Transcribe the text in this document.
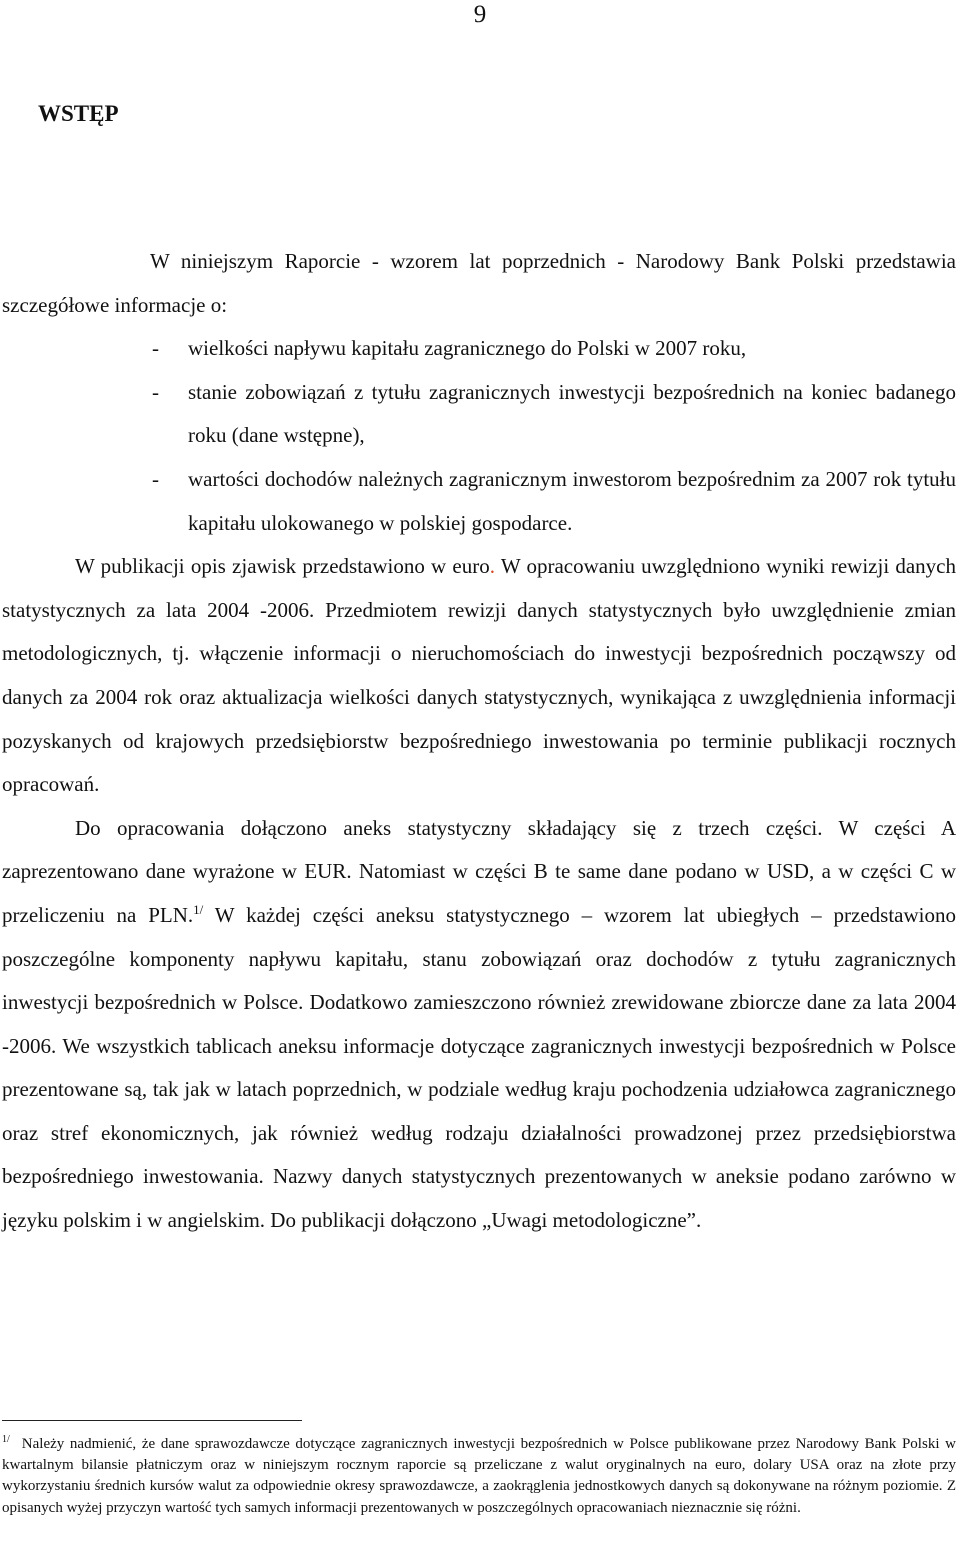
9
WSTĘP

W niniejszym Raporcie - wzorem lat poprzednich - Narodowy Bank Polski przedstawia szczegółowe informacje o:

- wielkości napływu kapitału zagranicznego do Polski w 2007 roku,
- stanie zobowiązań z tytułu zagranicznych inwestycji bezpośrednich na koniec badanego roku (dane wstępne),
- wartości dochodów należnych zagranicznym inwestorom bezpośrednim za 2007 rok tytułu kapitału ulokowanego w polskiej gospodarce.

W publikacji opis zjawisk przedstawiono w euro. W opracowaniu uwzględniono wyniki rewizji danych statystycznych za lata 2004 -2006. Przedmiotem rewizji danych statystycznych było uwzględnienie zmian metodologicznych, tj. włączenie informacji o nieruchomościach do inwestycji bezpośrednich począwszy od danych za 2004 rok oraz aktualizacja wielkości danych statystycznych, wynikająca z uwzględnienia informacji pozyskanych od krajowych przedsiębiorstw bezpośredniego inwestowania po terminie publikacji rocznych opracowań.

Do opracowania dołączono aneks statystyczny składający się z trzech części. W części A zaprezentowano dane wyrażone w EUR. Natomiast w części B te same dane podano w USD, a w części C w przeliczeniu na PLN.$^{1/}$ W każdej części aneksu statystycznego – wzorem lat ubiegłych – przedstawiono poszczególne komponenty napływu kapitału, stanu zobowiązań oraz dochodów z tytułu zagranicznych inwestycji bezpośrednich w Polsce. Dodatkowo zamieszczono również zrewidowane zbiorcze dane za lata 2004 -2006. We wszystkich tablicach aneksu informacje dotyczące zagranicznych inwestycji bezpośrednich w Polsce prezentowane są, tak jak w latach poprzednich, w podziale według kraju pochodzenia udziałowca zagranicznego oraz stref ekonomicznych, jak również według rodzaju działalności prowadzonej przez przedsiębiorstwa bezpośredniego inwestowania. Nazwy danych statystycznych prezentowanych w aneksie podano zarówno w języku polskim i w angielskim. Do publikacji dołączono „Uwagi metodologiczne”.

$^{1/}$ Należy nadmienić, że dane sprawozdawcze dotyczące zagranicznych inwestycji bezpośrednich w Polsce publikowane przez Narodowy Bank Polski w kwartalnym bilansie płatniczym oraz w niniejszym rocznym raporcie są przeliczane z walut oryginalnych na euro, dolary USA oraz na złote przy wykorzystaniu średnich kursów walut za odpowiednie okresy sprawozdawcze, a zaokrąglenia jednostkowych danych są dokonywane na różnym poziomie. Z opisanych wyżej przyczyn wartość tych samych informacji prezentowanych w poszczególnych opracowaniach nieznacznie się różni.
